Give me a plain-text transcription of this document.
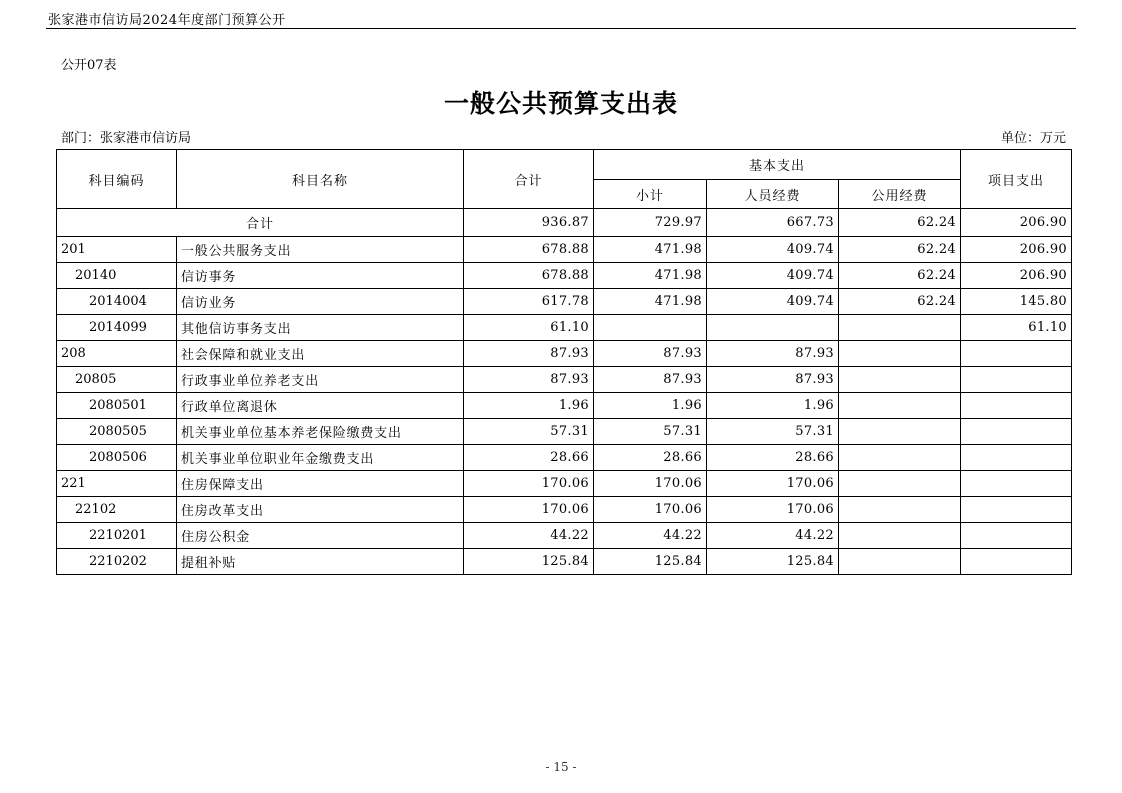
张家港市信访局2024年度部门预算公开
公开07表
一般公共预算支出表
部门：张家港市信访局	单位：万元
科目编码	科目名称	合计	基本支出			项目支出
			小计	人员经费	公用经费	
合计		936.87	729.97	667.73	62.24	206.90
201	一般公共服务支出	678.88	471.98	409.74	62.24	206.90
20140	信访事务	678.88	471.98	409.74	62.24	206.90
2014004	信访业务	617.78	471.98	409.74	62.24	145.80
2014099	其他信访事务支出	61.10				61.10
208	社会保障和就业支出	87.93	87.93	87.93		
20805	行政事业单位养老支出	87.93	87.93	87.93		
2080501	行政单位离退休	1.96	1.96	1.96		
2080505	机关事业单位基本养老保险缴费支出	57.31	57.31	57.31		
2080506	机关事业单位职业年金缴费支出	28.66	28.66	28.66		
221	住房保障支出	170.06	170.06	170.06		
22102	住房改革支出	170.06	170.06	170.06		
2210201	住房公积金	44.22	44.22	44.22		
2210202	提租补贴	125.84	125.84	125.84		
- 15 -
